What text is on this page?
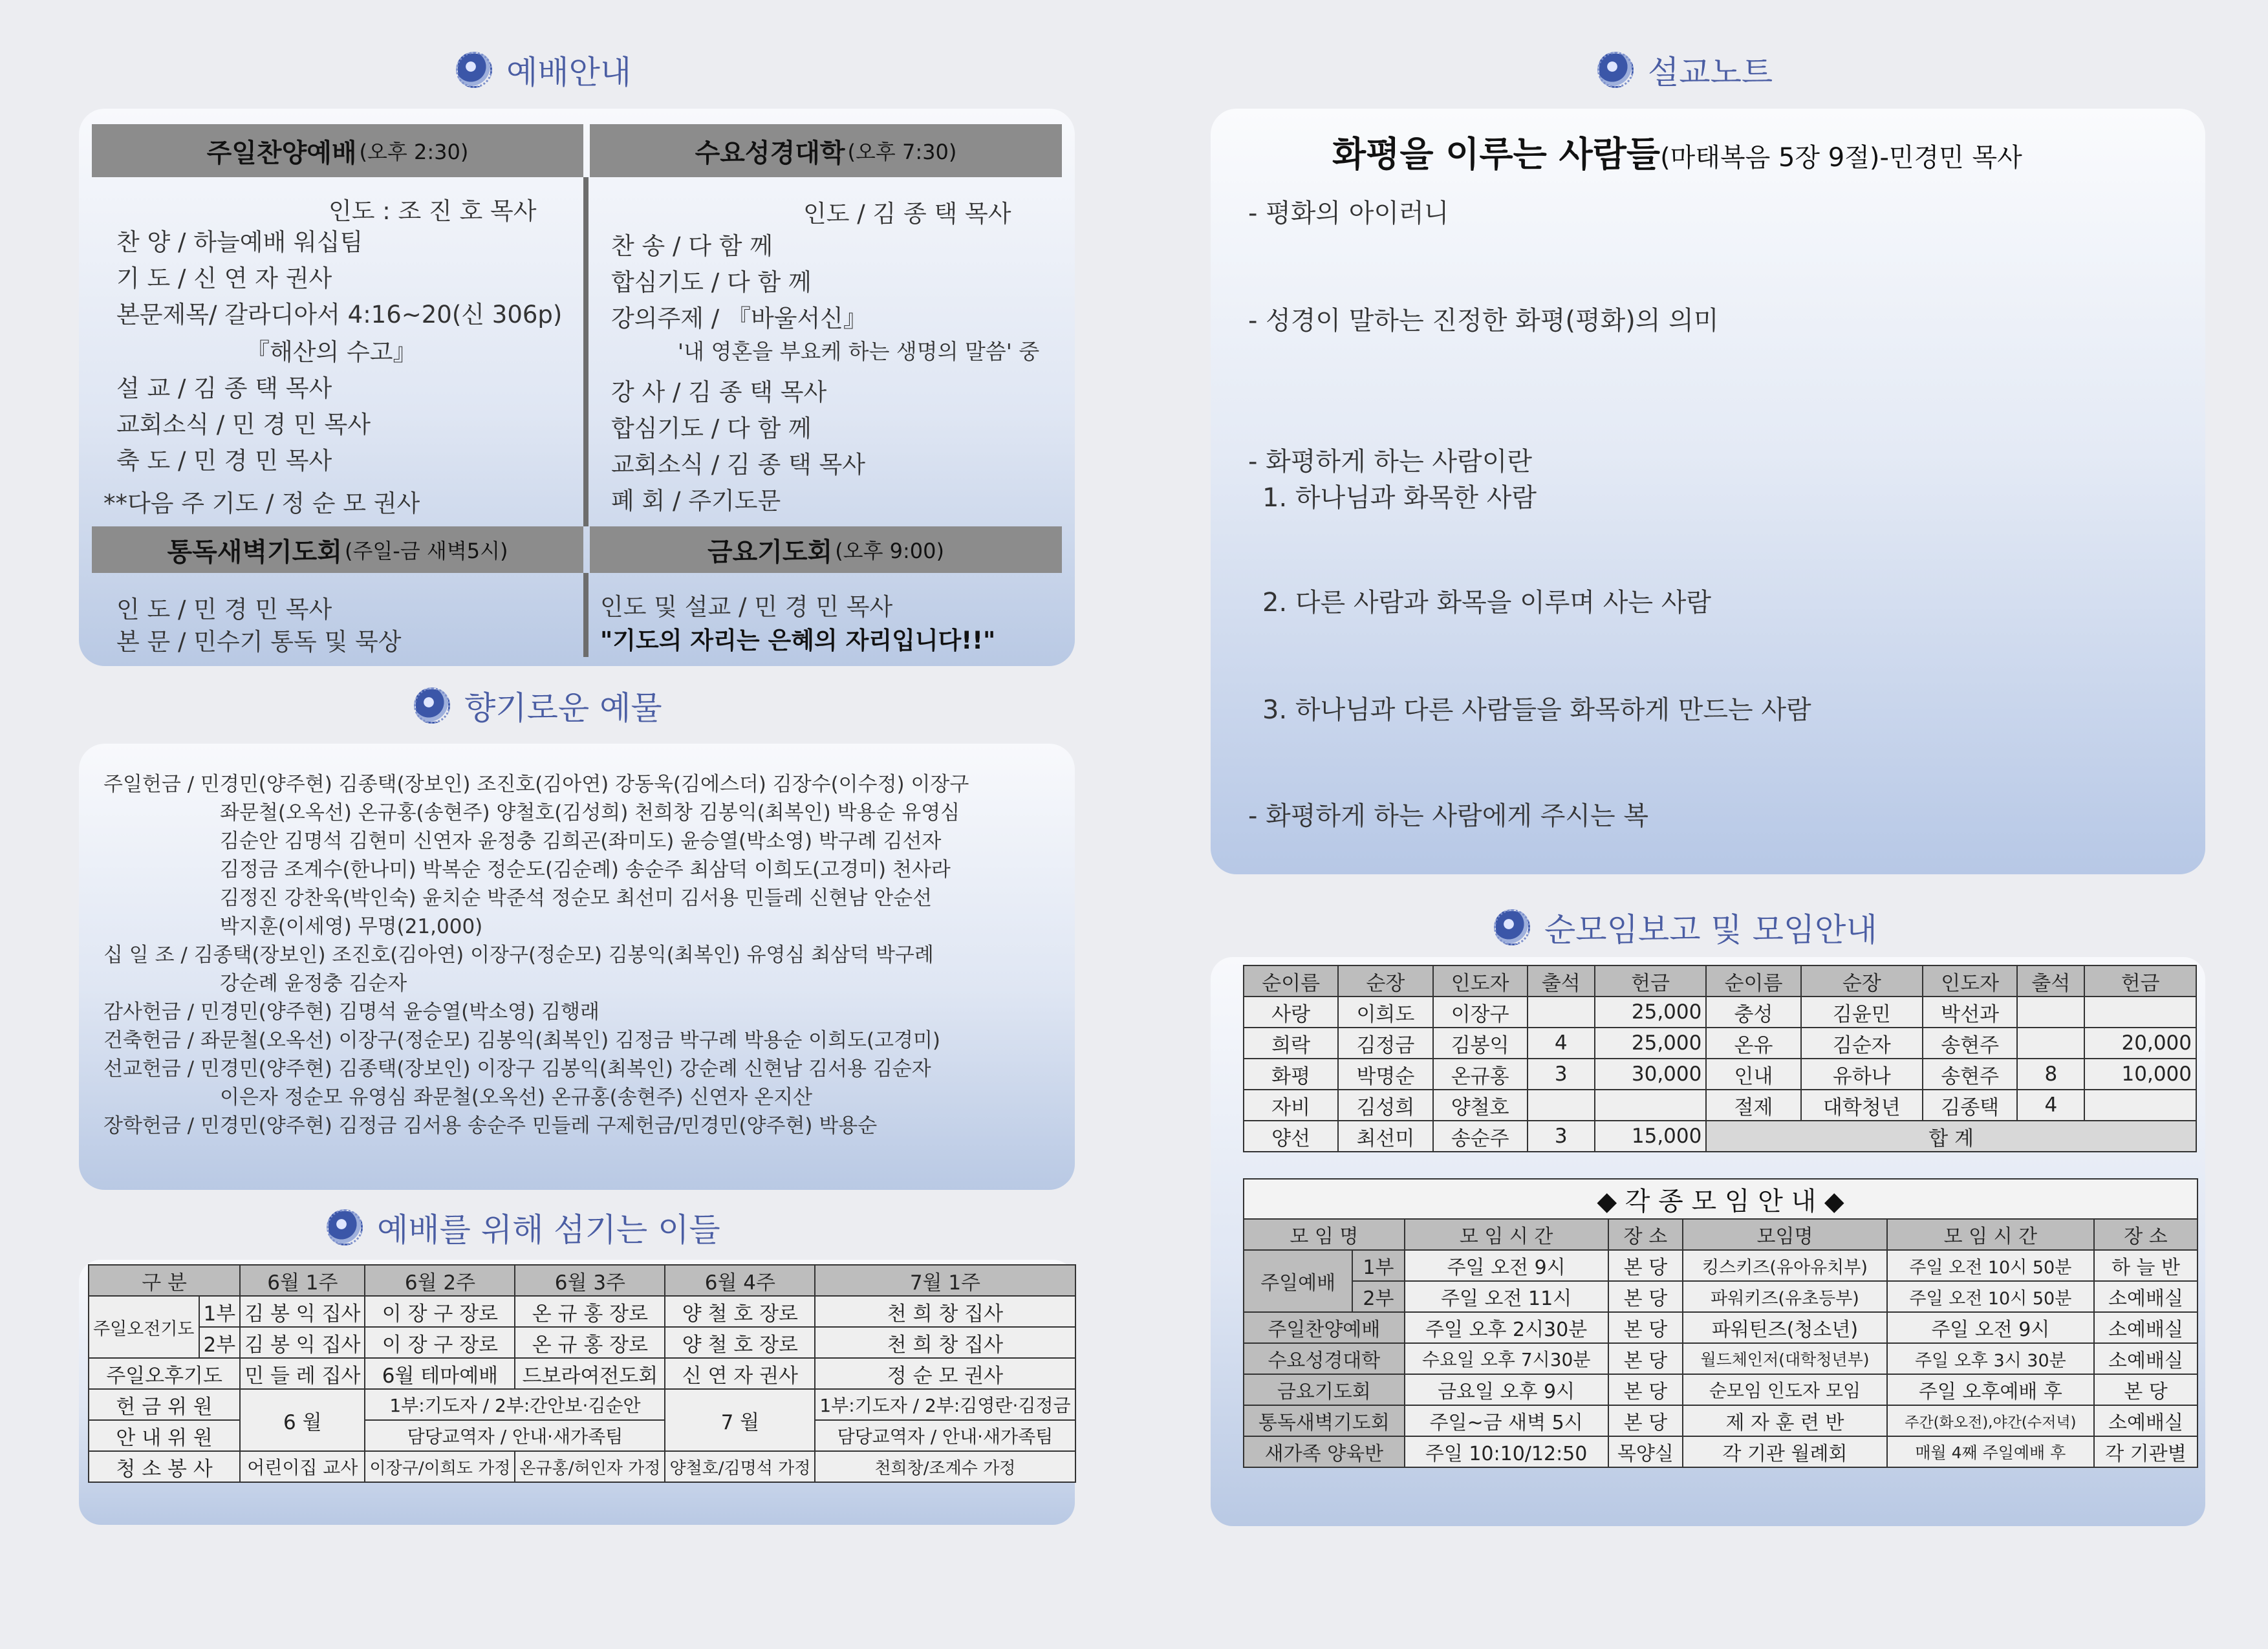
예배안내
주일찬양예배 (오후 2:30)	수요성경대학 (오후 7:30)
인도 : 조 진 호 목사
찬 양 / 하늘예배 워십팀
기 도 / 신 연 자 권사
본문제목/ 갈라디아서 4:16~20(신 306p)
『해산의 수고』
설 교 / 김 종 택 목사
교회소식 / 민 경 민 목사
축 도 / 민 경 민 목사
**다음 주 기도 / 정 순 모 권사
인도 / 김 종 택 목사
찬 송 / 다 함 께
합심기도 / 다 함 께
강의주제 / 『바울서신』
'내 영혼을 부요케 하는 생명의 말씀' 중
강 사 / 김 종 택 목사
합심기도 / 다 함 께
교회소식 / 김 종 택 목사
폐 회 / 주기도문
통독새벽기도회 (주일-금 새벽5시)	금요기도회 (오후 9:00)
인 도 / 민 경 민 목사
본 문 / 민수기 통독 및 묵상
인도 및 설교 / 민 경 민 목사
"기도의 자리는 은혜의 자리입니다!!"
향기로운 예물
주일헌금 / 민경민(양주현) 김종택(장보인) 조진호(김아연) 강동욱(김에스더) 김장수(이수정) 이장구
좌문철(오옥선) 온규홍(송현주) 양철호(김성희) 천희창 김봉익(최복인) 박용순 유영심
김순안 김명석 김현미 신연자 윤정충 김희곤(좌미도) 윤승열(박소영) 박구례 김선자
김정금 조계수(한나미) 박복순 정순도(김순례) 송순주 최삼덕 이희도(고경미) 천사라
김정진 강찬욱(박인숙) 윤치순 박준석 정순모 최선미 김서용 민들레 신현남 안순선
박지훈(이세영) 무명(21,000)
십 일 조 / 김종택(장보인) 조진호(김아연) 이장구(정순모) 김봉익(최복인) 유영심 최삼덕 박구례
강순례 윤정충 김순자
감사헌금 / 민경민(양주현) 김명석 윤승열(박소영) 김행래
건축헌금 / 좌문철(오옥선) 이장구(정순모) 김봉익(최복인) 김정금 박구례 박용순 이희도(고경미)
선교헌금 / 민경민(양주현) 김종택(장보인) 이장구 김봉익(최복인) 강순례 신현남 김서용 김순자
이은자 정순모 유영심 좌문철(오옥선) 온규홍(송현주) 신연자 온지산
장학헌금 / 민경민(양주현) 김정금 김서용 송순주 민들레 구제헌금/민경민(양주현) 박용순
예배를 위해 섬기는 이들
구 분		6월 1주	6월 2주	6월 3주	6월 4주	7월 1주
주일오전기도	1부	김 봉 익 집사	이 장 구 장로	온 규 홍 장로	양 철 호 장로	천 희 창 집사
	2부	김 봉 익 집사	이 장 구 장로	온 규 홍 장로	양 철 호 장로	천 희 창 집사
주일오후기도		민 들 레 집사	6월 테마예배	드보라여전도회	신 연 자 권사	정 순 모 권사
헌 금 위 원		6 월	1부:기도자 / 2부:간안보·김순안		7 월	1부:기도자 / 2부:김영란·김정금
안 내 위 원			담당교역자 / 안내·새가족팀			담당교역자 / 안내·새가족팀
청 소 봉 사		어린이집 교사	이장구/이희도 가정	온규홍/허인자 가정	양철호/김명석 가정	천희창/조계수 가정
설교노트
화평을 이루는 사람들(마태복음 5장 9절)-민경민 목사
- 평화의 아이러니
- 성경이 말하는 진정한 화평(평화)의 의미
- 화평하게 하는 사람이란
1. 하나님과 화목한 사람
2. 다른 사람과 화목을 이루며 사는 사람
3. 하나님과 다른 사람들을 화목하게 만드는 사람
- 화평하게 하는 사람에게 주시는 복
순모임보고 및 모임안내
순이름	순장	인도자	출석	헌금	순이름	순장	인도자	출석	헌금
사랑	이희도	이장구		25,000	충성	김윤민	박선과		
희락	김정금	김봉익	4	25,000	온유	김순자	송현주		20,000
화평	박명순	온규홍	3	30,000	인내	유하나	송현주	8	10,000
자비	김성희	양철호			절제	대학청년	김종택	4	
양선	최선미	송순주	3	15,000	합 계				
◆ 각 종 모 임 안 내 ◆
모 임 명		모 임 시 간	장 소	모임명	모 임 시 간	장 소
주일예배	1부	주일 오전 9시	본 당	킹스키즈(유아유치부)	주일 오전 10시 50분	하 늘 반
	2부	주일 오전 11시	본 당	파워키즈(유초등부)	주일 오전 10시 50분	소예배실
주일찬양예배		주일 오후 2시30분	본 당	파워틴즈(청소년)	주일 오전 9시	소예배실
수요성경대학		수요일 오후 7시30분	본 당	월드체인저(대학청년부)	주일 오후 3시 30분	소예배실
금요기도회		금요일 오후 9시	본 당	순모임 인도자 모임	주일 오후예배 후	본 당
통독새벽기도회		주일~금 새벽 5시	본 당	제 자 훈 련 반	주간(화오전),야간(수저녁)	소예배실
새가족 양육반		주일 10:10/12:50	목양실	각 기관 월례회	매월 4째 주일예배 후	각 기관별
